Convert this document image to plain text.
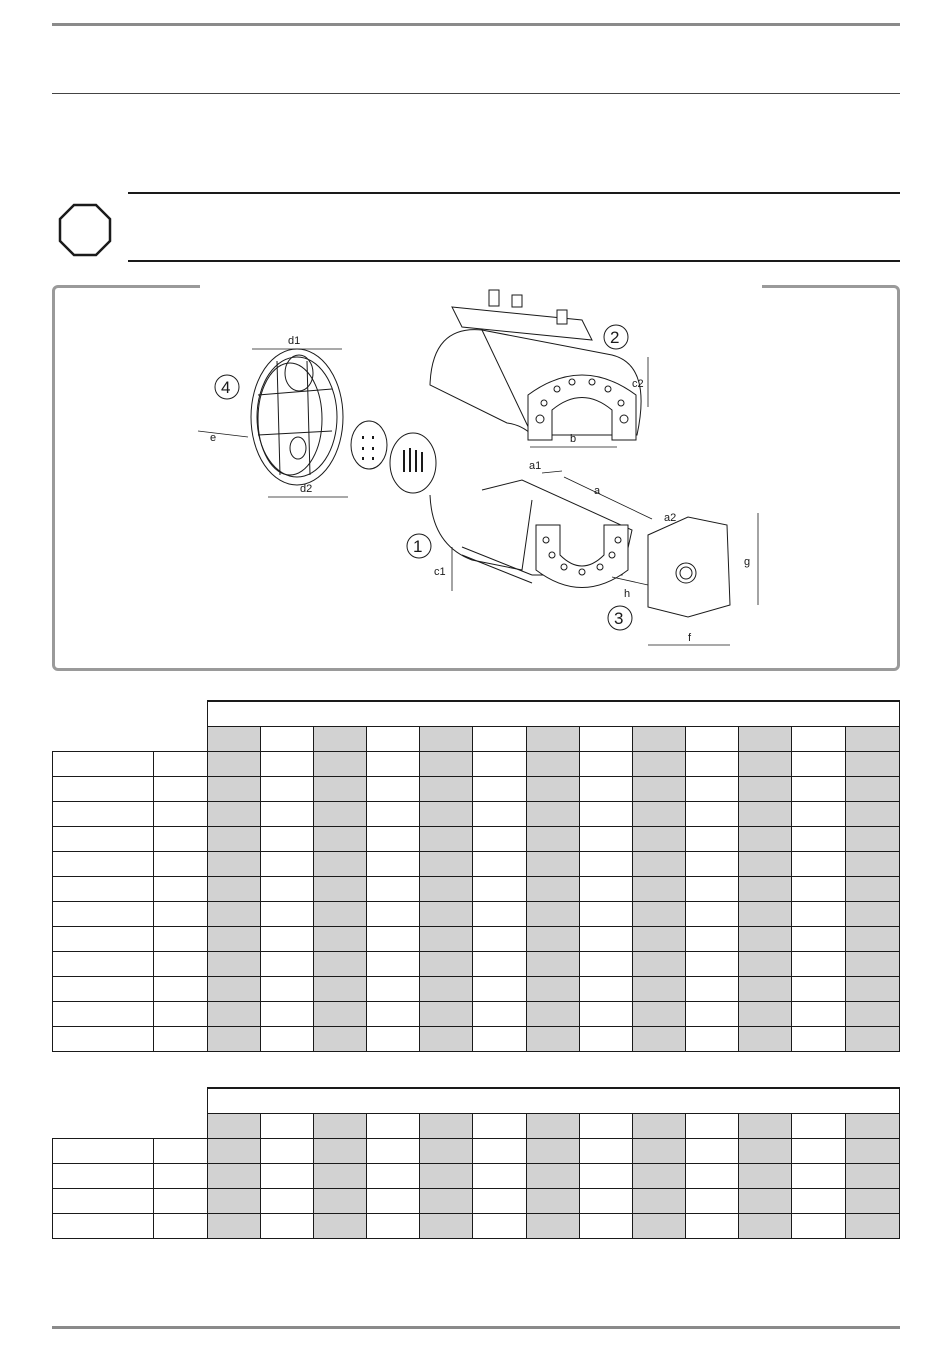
4
2
1
3
d1
d2
e
a
a1
a2
b
c1
c2
f
g
h
